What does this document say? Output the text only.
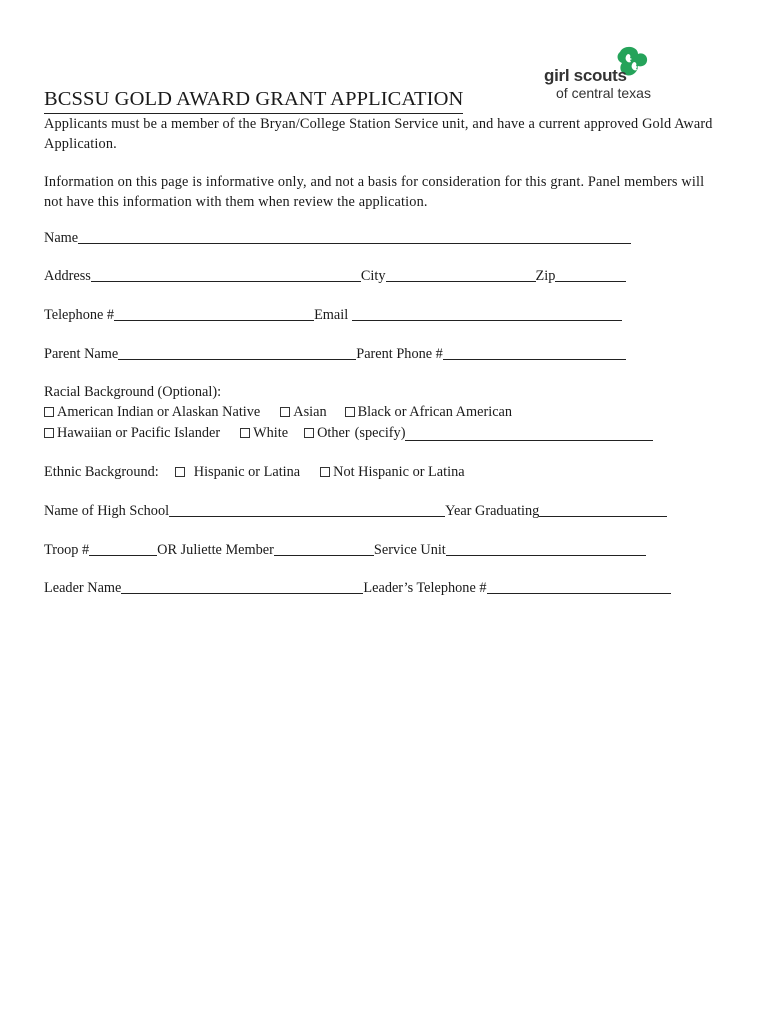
girl scouts
of central texas
BCSSU GOLD AWARD GRANT APPLICATION
Applicants must be a member of the Bryan/College Station Service unit, and have a current approved Gold Award Application.
Information on this page is informative only, and not a basis for consideration for this grant. Panel members will not have this information with them when review the application.
Name
Address	City	Zip
Telephone #	Email
Parent Name	Parent Phone #
Racial Background (Optional):
American Indian or Alaskan Native Asian Black or African American
Hawaiian or Pacific Islander White Other (specify)
Ethnic Background: Hispanic or Latina Not Hispanic or Latina
Name of High School	Year Graduating
Troop #	OR Juliette Member	Service Unit
Leader Name	Leader’s Telephone #
